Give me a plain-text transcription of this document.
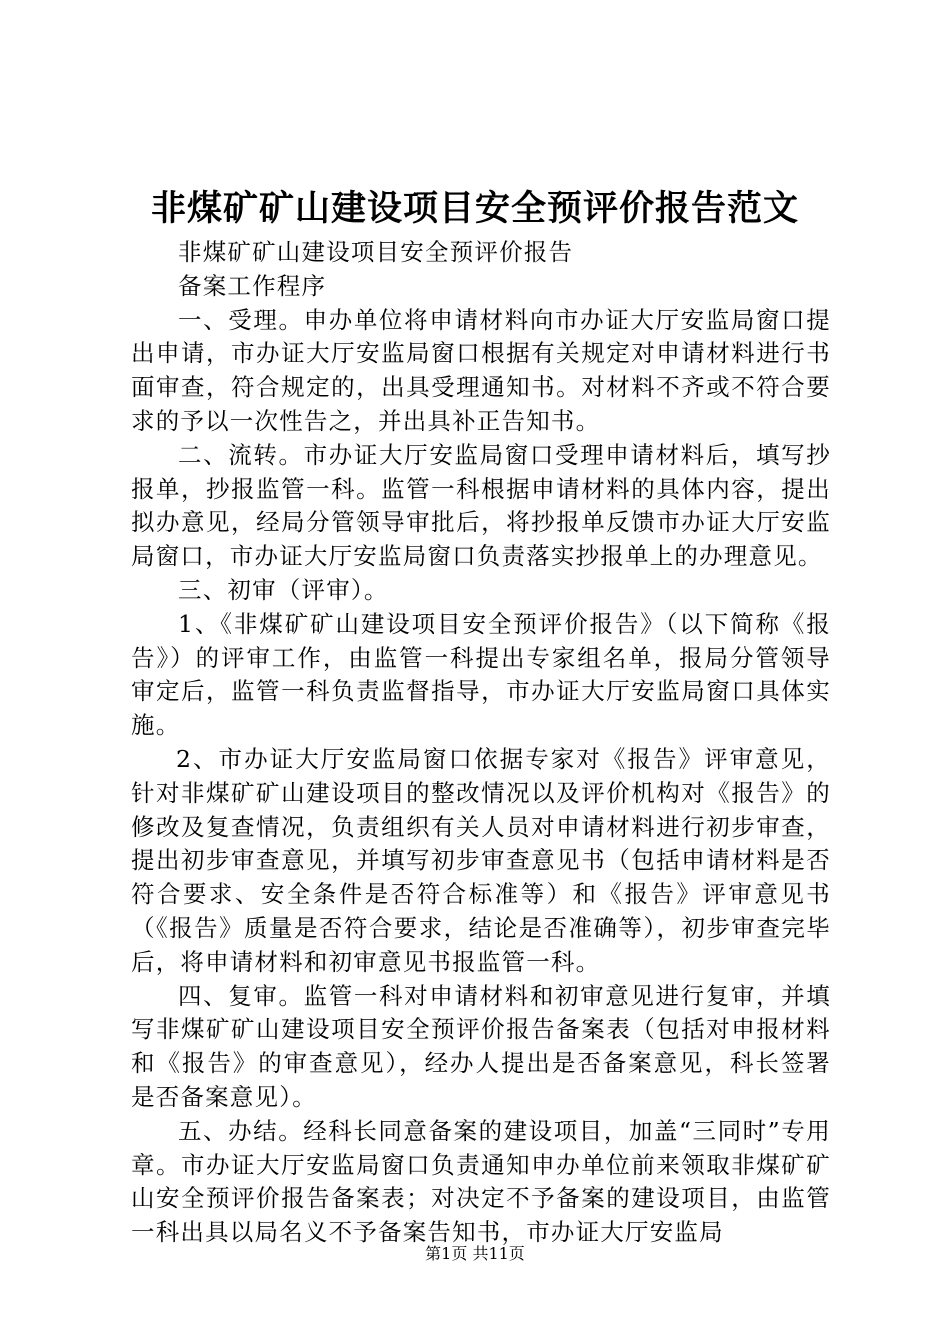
非煤矿矿山建设项目安全预评价报告范文

非煤矿矿山建设项目安全预评价报告

备案工作程序

一、受理。申办单位将申请材料向市办证大厅安监局窗口提出申请，市办证大厅安监局窗口根据有关规定对申请材料进行书面审查，符合规定的，出具受理通知书。对材料不齐或不符合要求的予以一次性告之，并出具补正告知书。

二、流转。市办证大厅安监局窗口受理申请材料后，填写抄报单，抄报监管一科。监管一科根据申请材料的具体内容，提出拟办意见，经局分管领导审批后，将抄报单反馈市办证大厅安监局窗口，市办证大厅安监局窗口负责落实抄报单上的办理意见。

三、初审（评审）。

1、《非煤矿矿山建设项目安全预评价报告》（以下简称《报告》）的评审工作，由监管一科提出专家组名单，报局分管领导审定后，监管一科负责监督指导，市办证大厅安监局窗口具体实施。

2、市办证大厅安监局窗口依据专家对《报告》评审意见，针对非煤矿矿山建设项目的整改情况以及评价机构对《报告》的修改及复查情况，负责组织有关人员对申请材料进行初步审查，提出初步审查意见，并填写初步审查意见书（包括申请材料是否符合要求、安全条件是否符合标准等）和《报告》评审意见书（《报告》质量是否符合要求，结论是否准确等），初步审查完毕后，将申请材料和初审意见书报监管一科。

四、复审。监管一科对申请材料和初审意见进行复审，并填写非煤矿矿山建设项目安全预评价报告备案表（包括对申报材料和《报告》的审查意见），经办人提出是否备案意见，科长签署是否备案意见）。

五、办结。经科长同意备案的建设项目，加盖“三同时”专用章。市办证大厅安监局窗口负责通知申办单位前来领取非煤矿矿山安全预评价报告备案表；对决定不予备案的建设项目，由监管一科出具以局名义不予备案告知书，市办证大厅安监局

第1页 共11页
